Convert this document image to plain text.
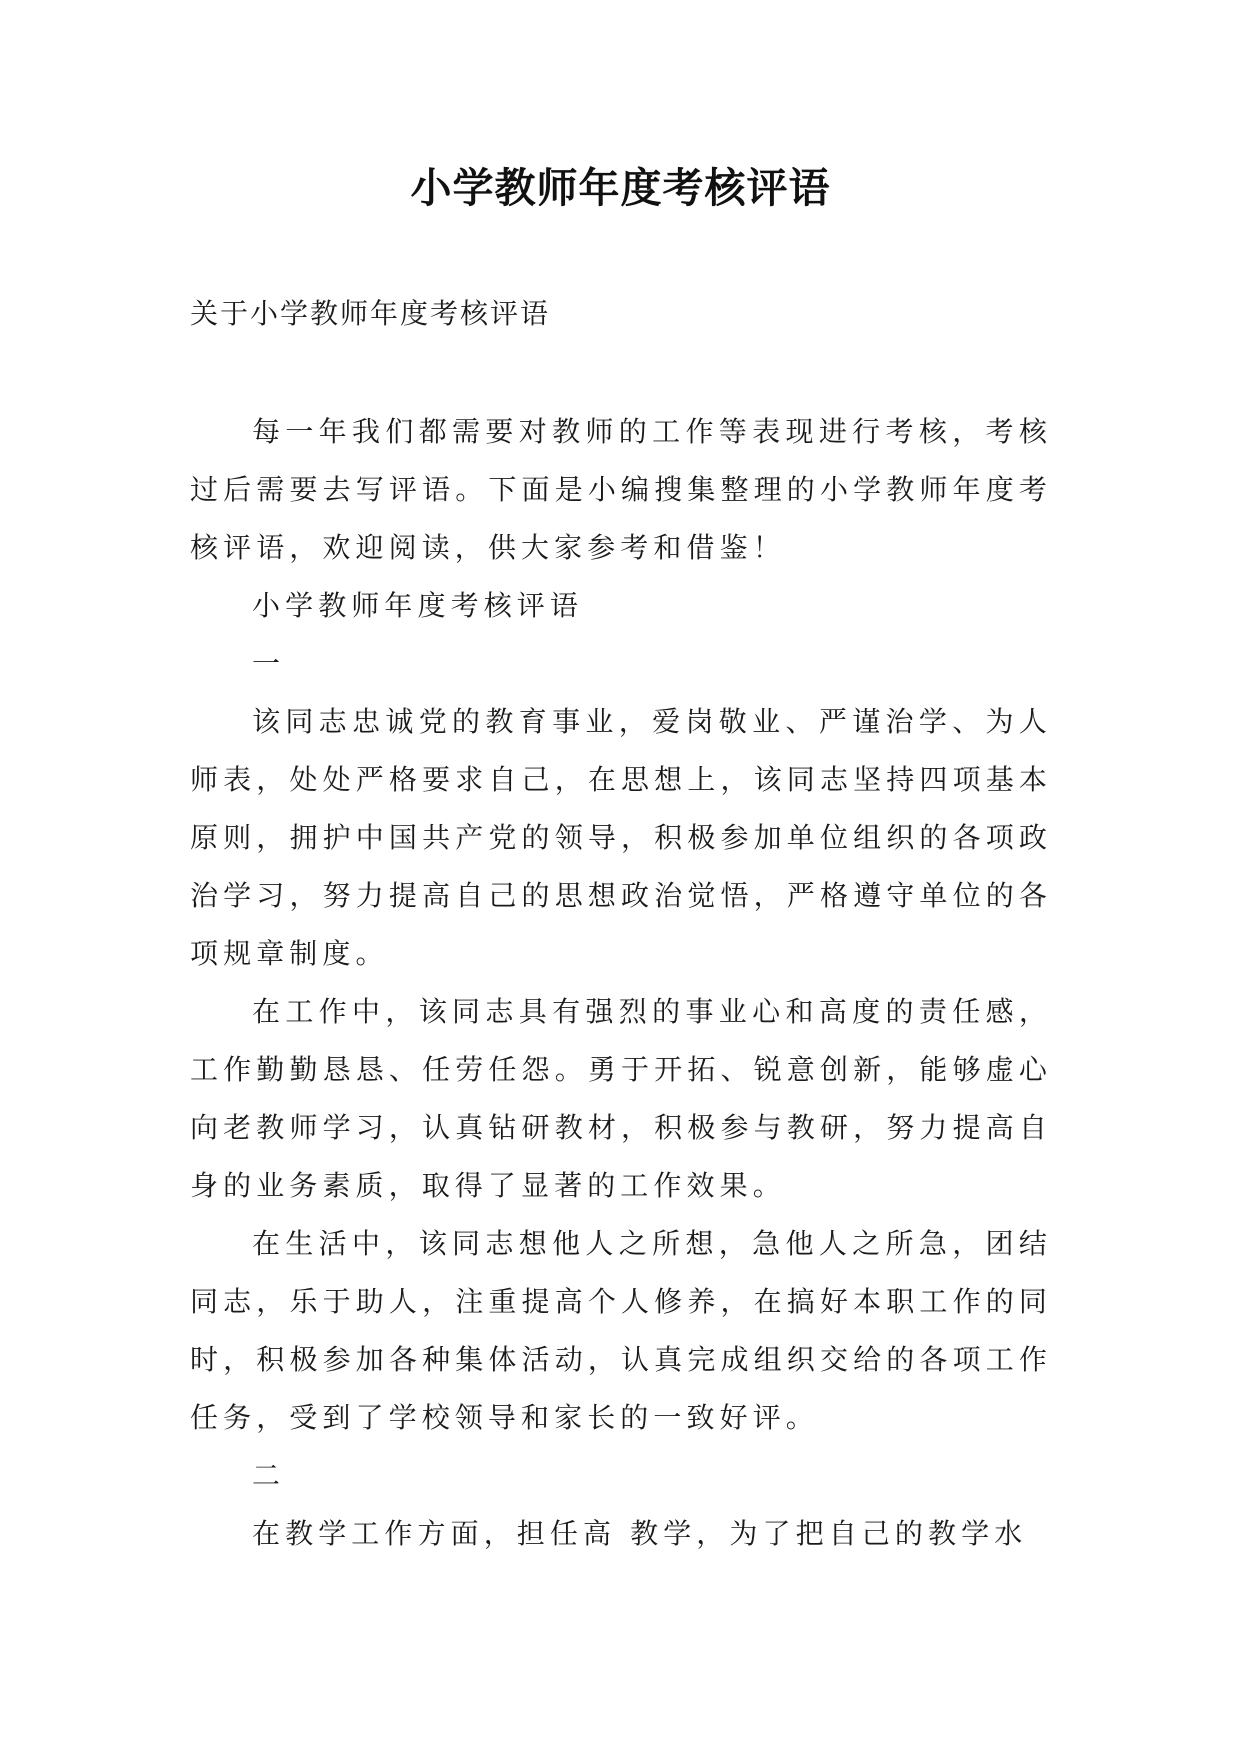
小学教师年度考核评语

关于小学教师年度考核评语

每一年我们都需要对教师的工作等表现进行考核，考核过后需要去写评语。下面是小编搜集整理的小学教师年度考核评语，欢迎阅读，供大家参考和借鉴！

小学教师年度考核评语

一

该同志忠诚党的教育事业，爱岗敬业、严谨治学、为人师表，处处严格要求自己，在思想上，该同志坚持四项基本原则，拥护中国共产党的领导，积极参加单位组织的各项政治学习，努力提高自己的思想政治觉悟，严格遵守单位的各项规章制度。

在工作中，该同志具有强烈的事业心和高度的责任感，工作勤勤恳恳、任劳任怨。勇于开拓、锐意创新，能够虚心向老教师学习，认真钻研教材，积极参与教研，努力提高自身的业务素质，取得了显著的工作效果。

在生活中，该同志想他人之所想，急他人之所急，团结同志，乐于助人，注重提高个人修养，在搞好本职工作的同时，积极参加各种集体活动，认真完成组织交给的各项工作任务，受到了学校领导和家长的一致好评。

二

在教学工作方面，担任高 教学，为了把自己的教学水
